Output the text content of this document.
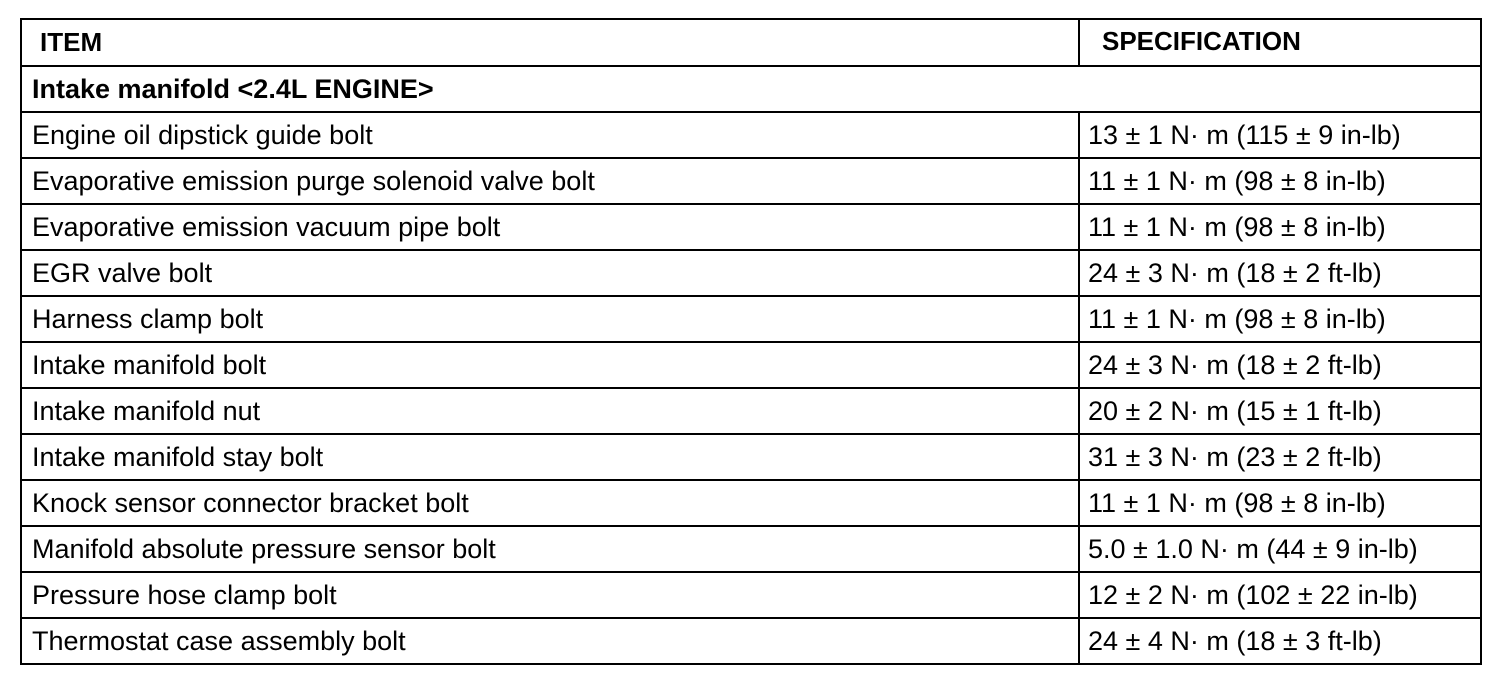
ITEM	SPECIFICATION
Intake manifold <2.4L ENGINE>	
Engine oil dipstick guide bolt	13 ± 1 N· m (115 ± 9 in-lb)
Evaporative emission purge solenoid valve bolt	11 ± 1 N· m (98 ± 8 in-lb)
Evaporative emission vacuum pipe bolt	11 ± 1 N· m (98 ± 8 in-lb)
EGR valve bolt	24 ± 3 N· m (18 ± 2 ft-lb)
Harness clamp bolt	11 ± 1 N· m (98 ± 8 in-lb)
Intake manifold bolt	24 ± 3 N· m (18 ± 2 ft-lb)
Intake manifold nut	20 ± 2 N· m (15 ± 1 ft-lb)
Intake manifold stay bolt	31 ± 3 N· m (23 ± 2 ft-lb)
Knock sensor connector bracket bolt	11 ± 1 N· m (98 ± 8 in-lb)
Manifold absolute pressure sensor bolt	5.0 ± 1.0 N· m (44 ± 9 in-lb)
Pressure hose clamp bolt	12 ± 2 N· m (102 ± 22 in-lb)
Thermostat case assembly bolt	24 ± 4 N· m (18 ± 3 ft-lb)
